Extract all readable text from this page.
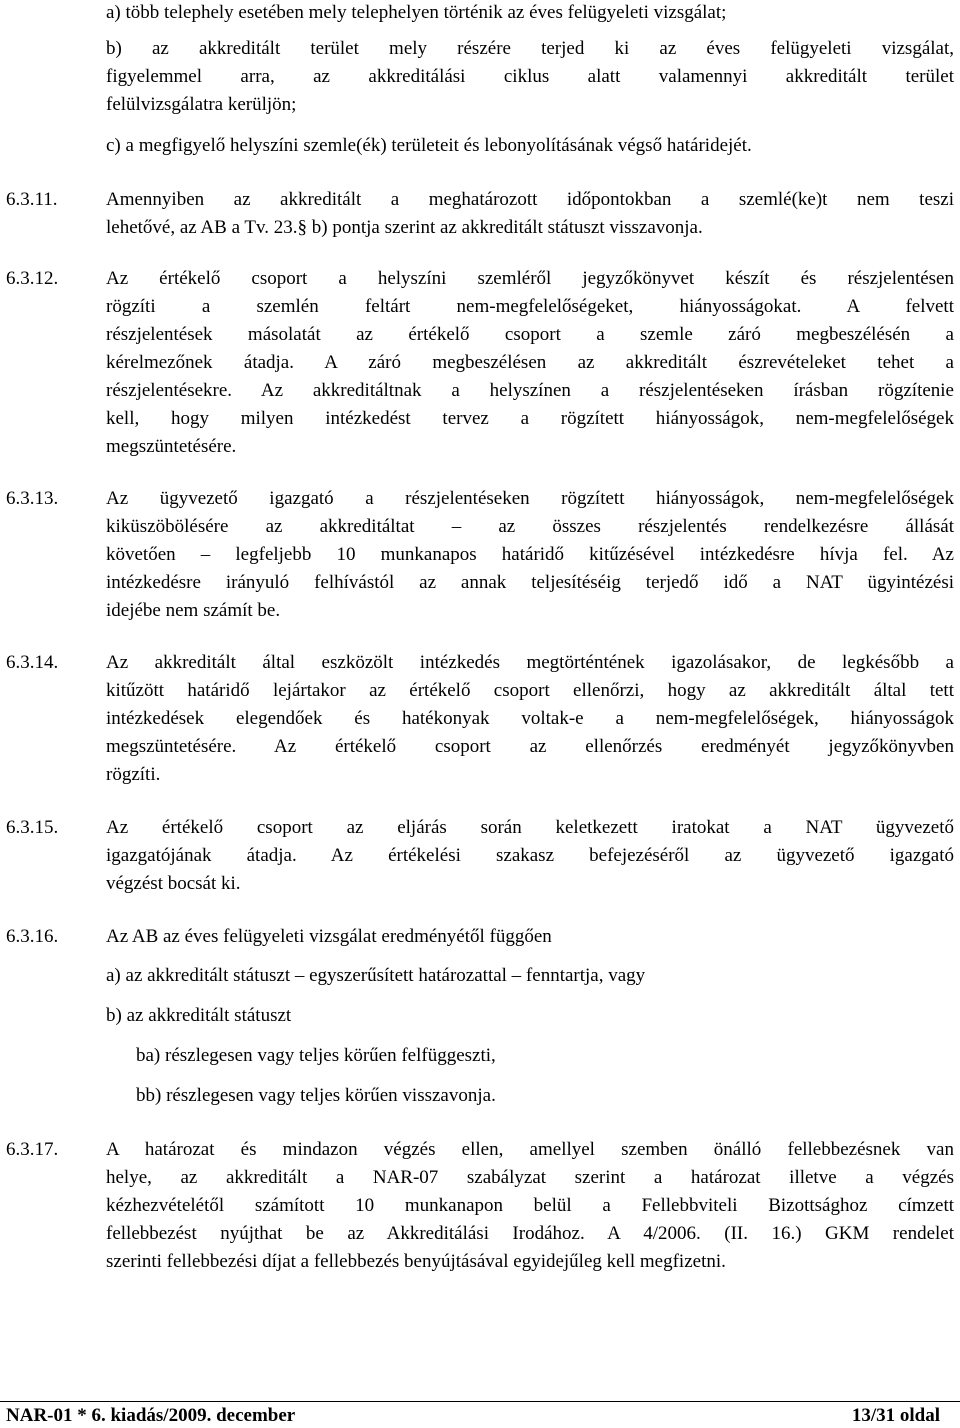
a) több telephely esetében mely telephelyen történik az éves felügyeleti vizsgálat;
b) az akkreditált terület mely részére terjed ki az éves felügyeleti vizsgálat,
figyelemmel arra, az akkreditálási ciklus alatt valamennyi akkreditált terület
felülvizsgálatra kerüljön;
c) a megfigyelő helyszíni szemle(ék) területeit és lebonyolításának végső határidejét.
6.3.11.	Amennyiben az akkreditált a meghatározott időpontokban a szemlé(ke)t nem teszi
lehetővé, az AB a Tv. 23.§ b) pontja szerint az akkreditált státuszt visszavonja.
6.3.12.	Az értékelő csoport a helyszíni szemléről jegyzőkönyvet készít és részjelentésen
rögzíti a szemlén feltárt nem-megfelelőségeket, hiányosságokat. A felvett
részjelentések másolatát az értékelő csoport a szemle záró megbeszélésén a
kérelmezőnek átadja. A záró megbeszélésen az akkreditált észrevételeket tehet a
részjelentésekre. Az akkreditáltnak a helyszínen a részjelentéseken írásban rögzítenie
kell, hogy milyen intézkedést tervez a rögzített hiányosságok, nem-megfelelőségek
megszüntetésére.
6.3.13.	Az ügyvezető igazgató a részjelentéseken rögzített hiányosságok, nem-megfelelőségek
kiküszöbölésére az akkreditáltat – az összes részjelentés rendelkezésre állását
követően – legfeljebb 10 munkanapos határidő kitűzésével intézkedésre hívja fel. Az
intézkedésre irányuló felhívástól az annak teljesítéséig terjedő idő a NAT ügyintézési
idejébe nem számít be.
6.3.14.	Az akkreditált által eszközölt intézkedés megtörténtének igazolásakor, de legkésőbb a
kitűzött határidő lejártakor az értékelő csoport ellenőrzi, hogy az akkreditált által tett
intézkedések elegendőek és hatékonyak voltak-e a nem-megfelelőségek, hiányosságok
megszüntetésére. Az értékelő csoport az ellenőrzés eredményét jegyzőkönyvben
rögzíti.
6.3.15.	Az értékelő csoport az eljárás során keletkezett iratokat a NAT ügyvezető
igazgatójának átadja. Az értékelési szakasz befejezéséről az ügyvezető igazgató
végzést bocsát ki.
6.3.16.	Az AB az éves felügyeleti vizsgálat eredményétől függően
a) az akkreditált státuszt – egyszerűsített határozattal – fenntartja, vagy
b) az akkreditált státuszt
ba) részlegesen vagy teljes körűen felfüggeszti,
bb) részlegesen vagy teljes körűen visszavonja.
6.3.17.	A határozat és mindazon végzés ellen, amellyel szemben önálló fellebbezésnek van
helye, az akkreditált a NAR-07 szabályzat szerint a határozat illetve a végzés
kézhezvételétől számított 10 munkanapon belül a Fellebbviteli Bizottsághoz címzett
fellebbezést nyújthat be az Akkreditálási Irodához. A 4/2006. (II. 16.) GKM rendelet
szerinti fellebbezési díjat a fellebbezés benyújtásával egyidejűleg kell megfizetni.
NAR-01 * 6. kiadás/2009. december	13/31 oldal
